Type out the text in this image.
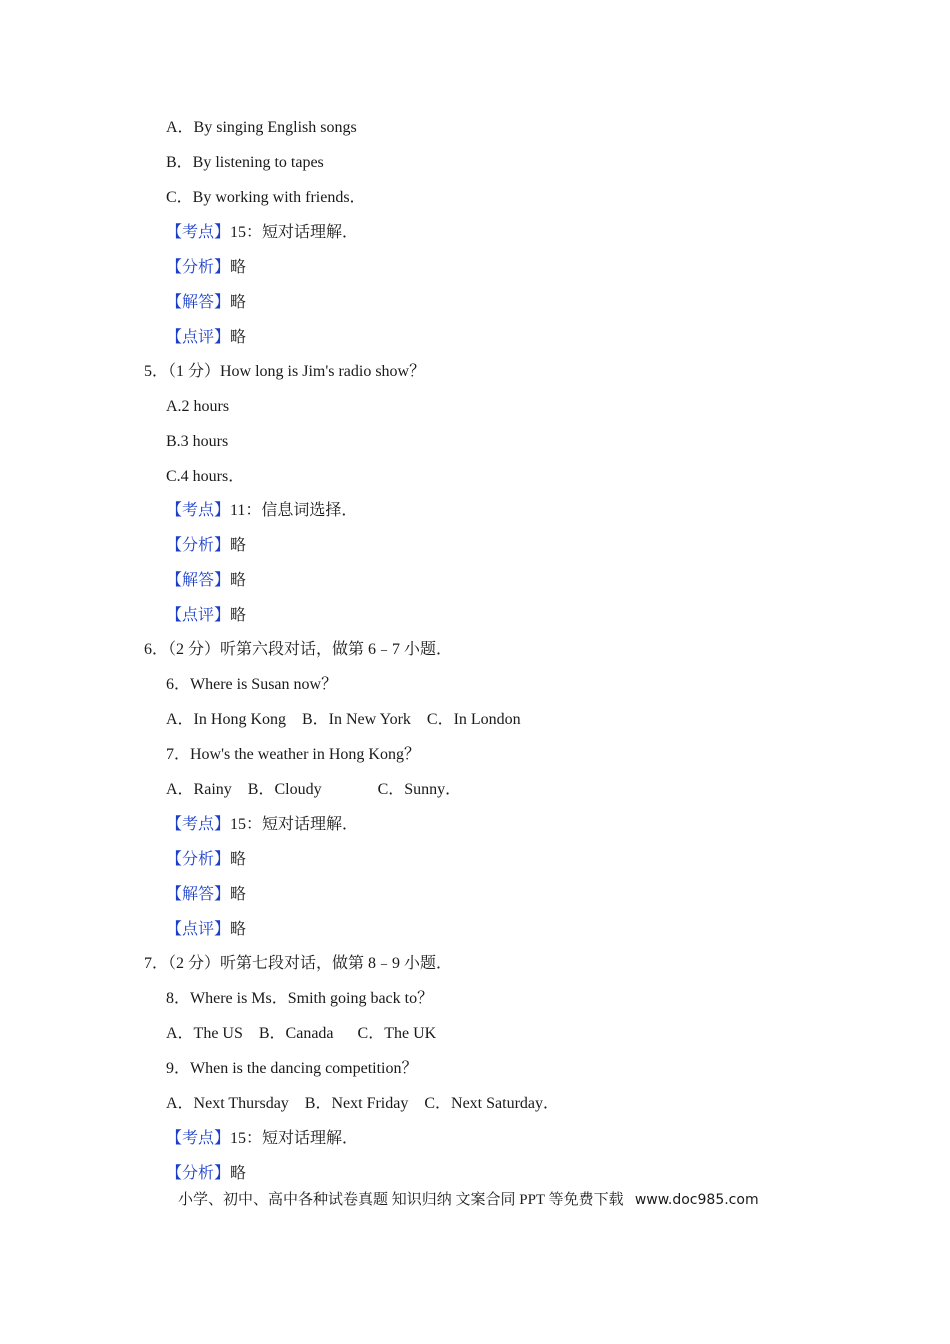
A．By singing English songs
B．By listening to tapes
C．By working with friends．
【考点】15：短对话理解．
【分析】略
【解答】略
【点评】略
5．（1 分）How long is Jim's radio show？
A.2 hours
B.3 hours
C.4 hours．
【考点】11：信息词选择．
【分析】略
【解答】略
【点评】略
6．（2 分）听第六段对话，做第 6﹣7 小题．
6．Where is Susan now？
A．In Hong Kong    B．In New York    C．In London
7．How's the weather in Hong Kong？
A．Rainy    B．Cloudy              C．Sunny．
【考点】15：短对话理解．
【分析】略
【解答】略
【点评】略
7．（2 分）听第七段对话，做第 8﹣9 小题．
8．Where is Ms．Smith going back to？
A．The US    B．Canada      C．The UK
9．When is the dancing competition？
A．Next Thursday    B．Next Friday    C．Next Saturday．
【考点】15：短对话理解．
【分析】略
小学、初中、高中各种试卷真题 知识归纳 文案合同 PPT 等免费下载   www.doc985.com
